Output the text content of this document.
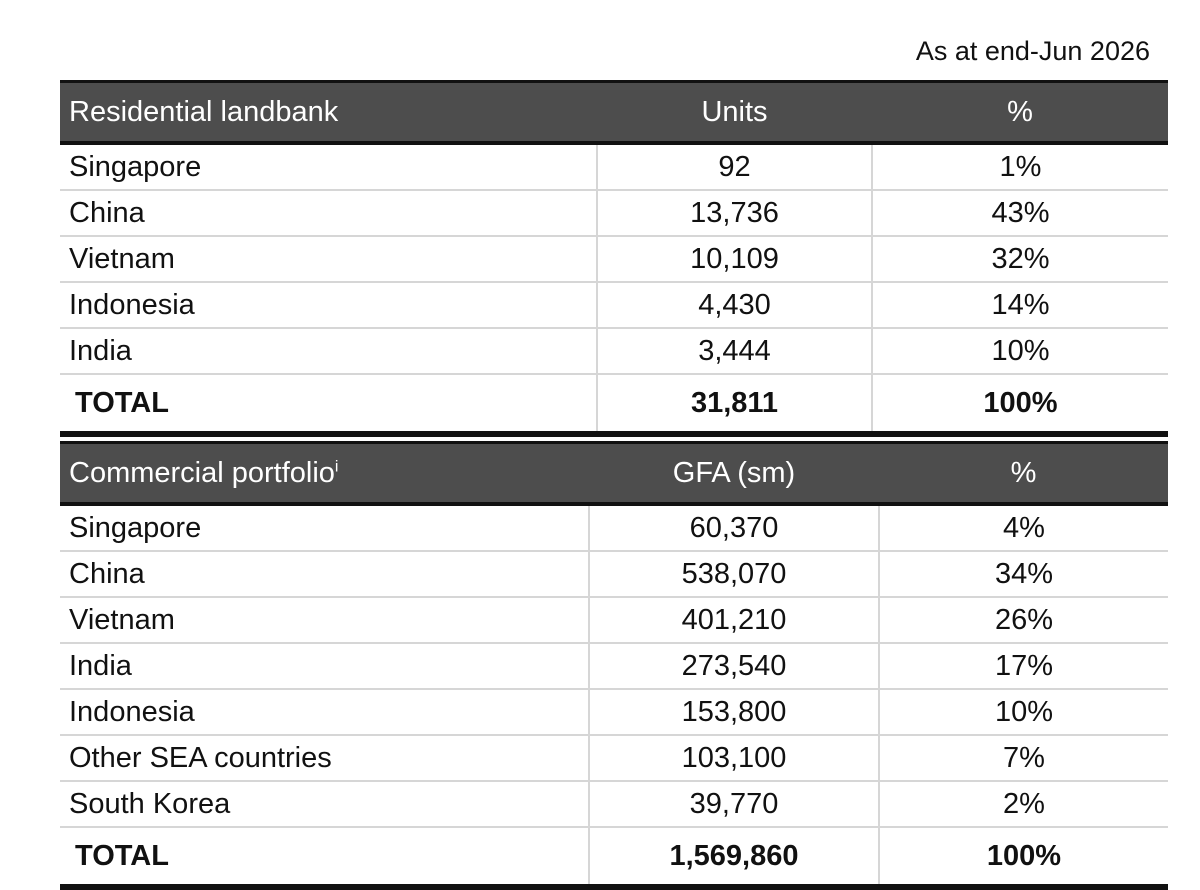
As at end-Jun 2026
Residential landbank	Units	%
Singapore	92	1%
China	13,736	43%
Vietnam	10,109	32%
Indonesia	4,430	14%
India	3,444	10%
TOTAL	31,811	100%
Commercial portfolio$^i$	GFA (sm)	%
Singapore	60,370	4%
China	538,070	34%
Vietnam	401,210	26%
India	273,540	17%
Indonesia	153,800	10%
Other SEA countries	103,100	7%
South Korea	39,770	2%
TOTAL	1,569,860	100%
